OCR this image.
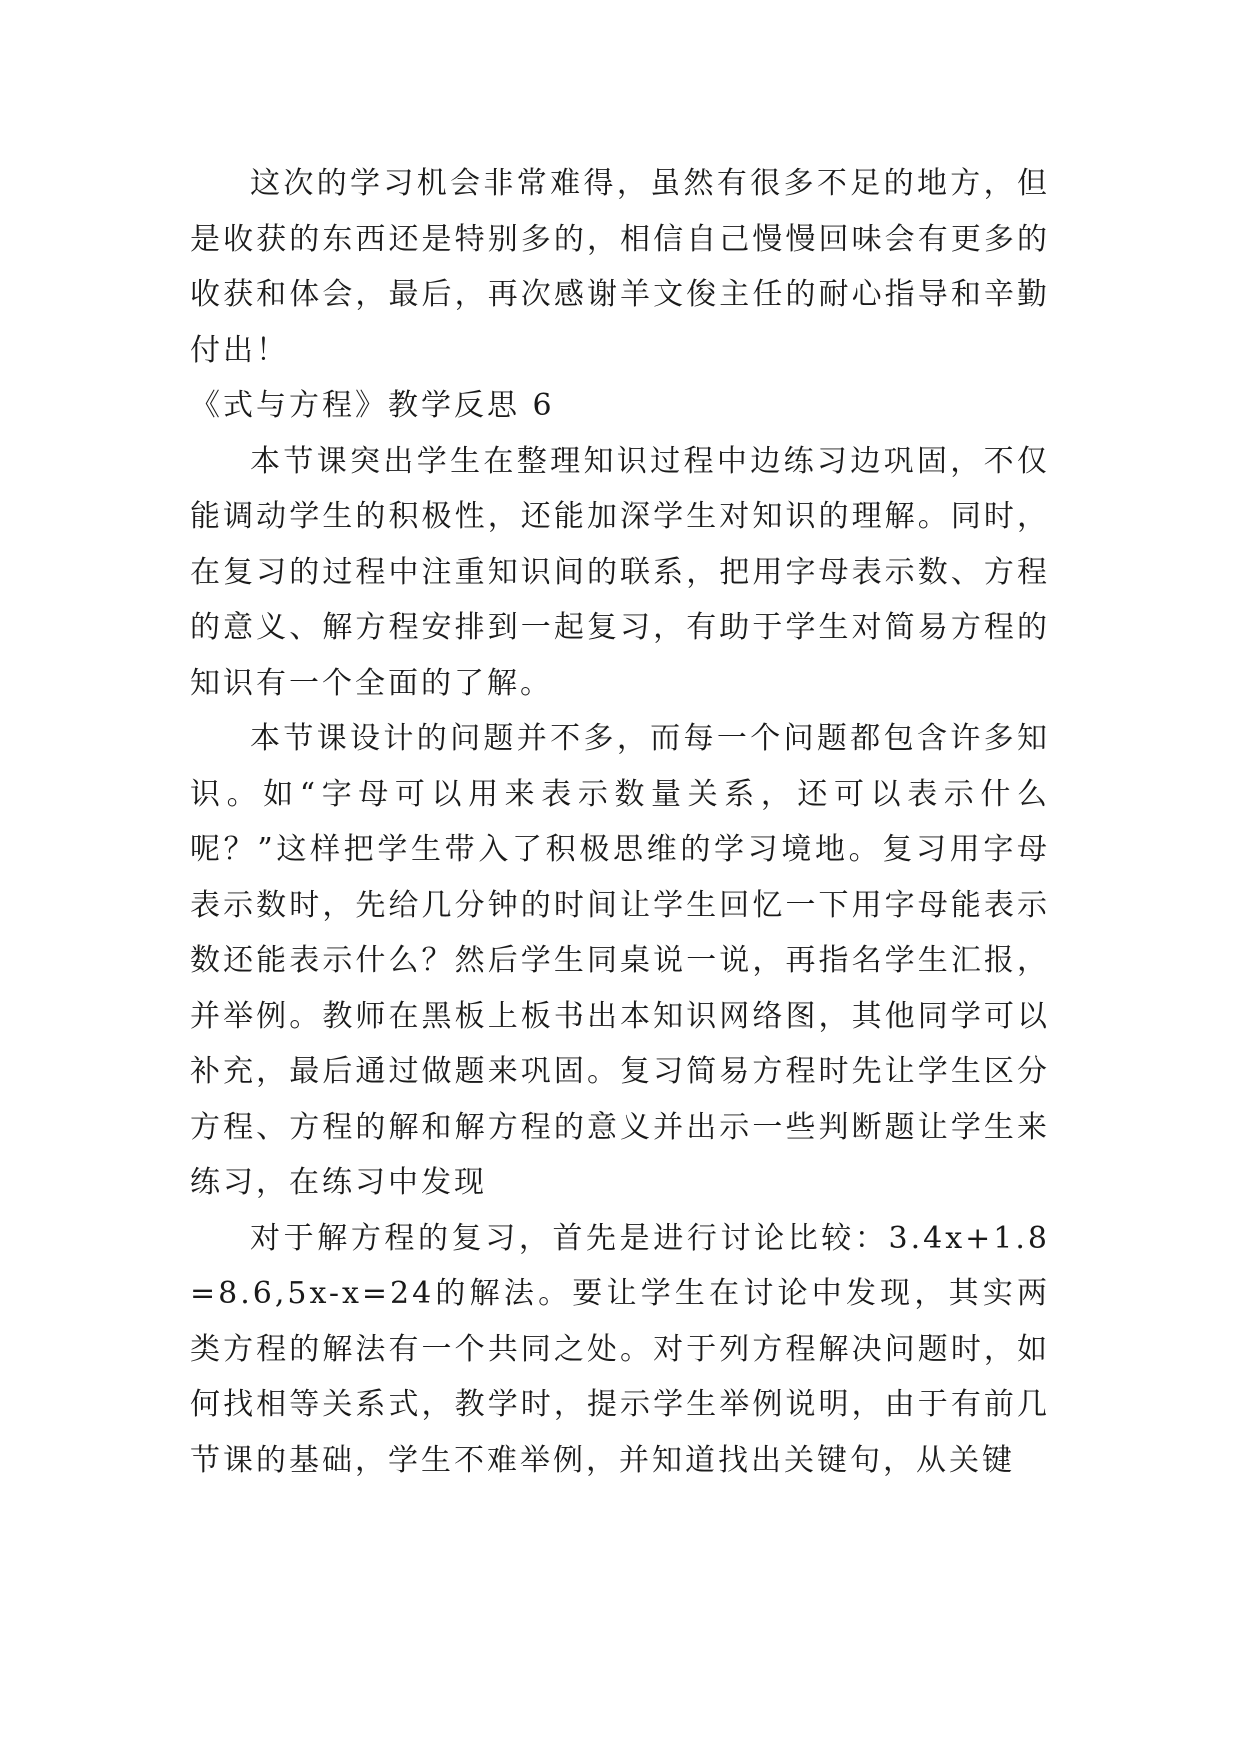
这次的学习机会非常难得，虽然有很多不足的地方，但是收获的东西还是特别多的，相信自己慢慢回味会有更多的收获和体会，最后，再次感谢羊文俊主任的耐心指导和辛勤付出！

《式与方程》教学反思 6

本节课突出学生在整理知识过程中边练习边巩固，不仅能调动学生的积极性，还能加深学生对知识的理解。同时，在复习的过程中注重知识间的联系，把用字母表示数、方程的意义、解方程安排到一起复习，有助于学生对简易方程的知识有一个全面的了解。

本节课设计的问题并不多，而每一个问题都包含许多知识。如“字母可以用来表示数量关系，还可以表示什么呢？”这样把学生带入了积极思维的学习境地。复习用字母表示数时，先给几分钟的时间让学生回忆一下用字母能表示数还能表示什么？然后学生同桌说一说，再指名学生汇报，并举例。教师在黑板上板书出本知识网络图，其他同学可以补充，最后通过做题来巩固。复习简易方程时先让学生区分方程、方程的解和解方程的意义并出示一些判断题让学生来练习，在练习中发现

对于解方程的复习，首先是进行讨论比较：3.4x+1.8=8.6,5x-x=24的解法。要让学生在讨论中发现，其实两类方程的解法有一个共同之处。对于列方程解决问题时，如何找相等关系式，教学时，提示学生举例说明，由于有前几节课的基础，学生不难举例，并知道找出关键句，从关键
